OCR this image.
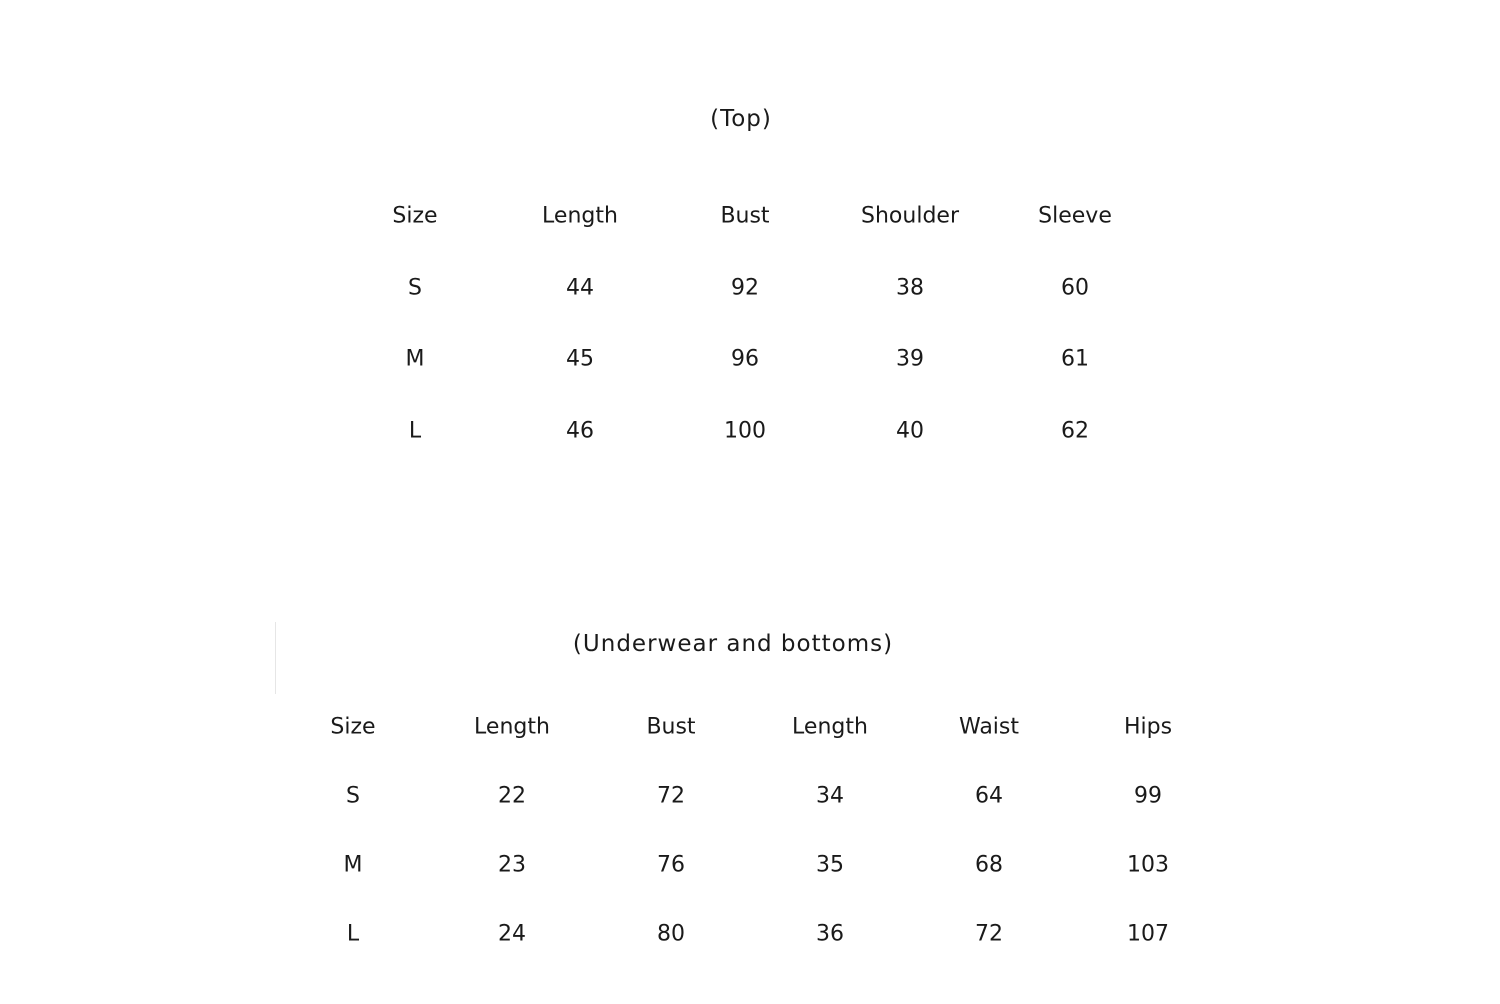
(Top)
Size	Length	Bust	Shoulder	Sleeve
S	44	92	38	60
M	45	96	39	61
L	46	100	40	62
(Underwear and bottoms)
Size	Length	Bust	Length	Waist	Hips
S	22	72	34	64	99
M	23	76	35	68	103
L	24	80	36	72	107
